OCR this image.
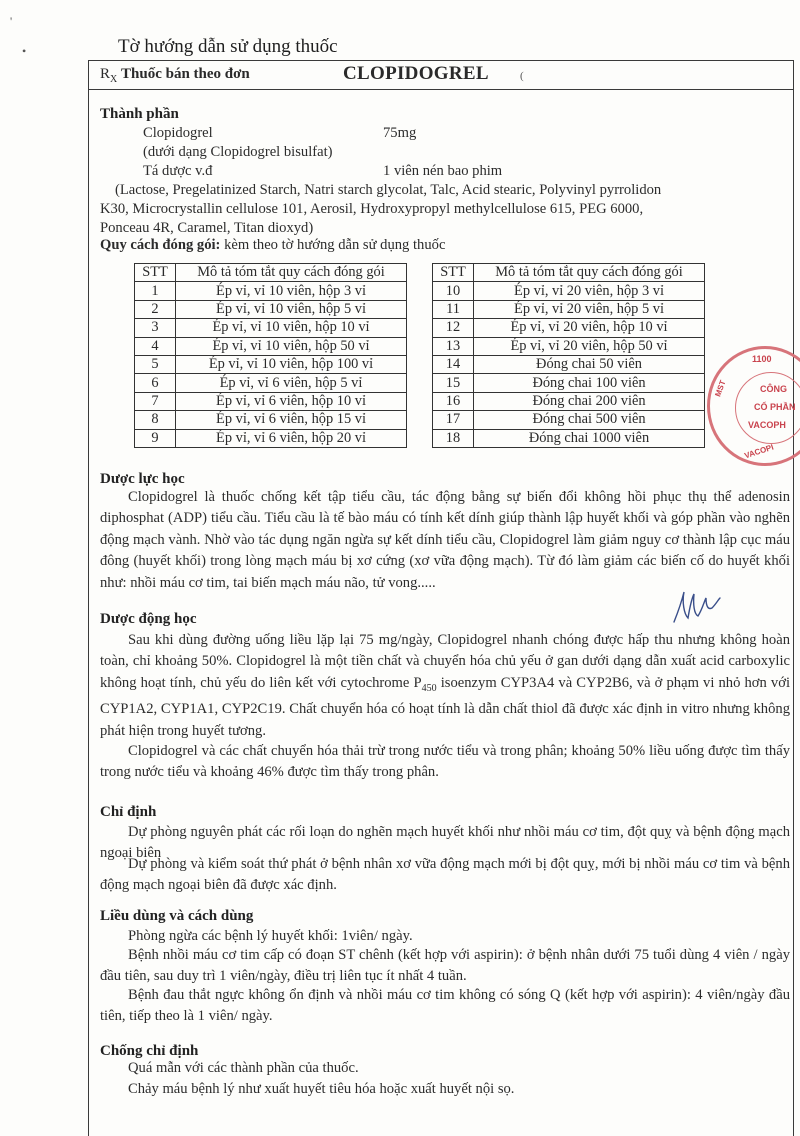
'
•	Tờ hướng dẫn sử dụng thuốc
$R_X$ Thuốc bán theo đơn	CLOPIDOGREL	(
Thành phần
Clopidogrel	75mg
(dưới dạng Clopidogrel bisulfat)
Tá dược v.đ	1 viên nén bao phim
(Lactose, Pregelatinized Starch, Natri starch glycolat, Talc, Acid stearic, Polyvinyl pyrrolidon
K30, Microcrystallin cellulose 101, Aerosil, Hydroxypropyl methylcellulose 615, PEG 6000,
Ponceau 4R, Caramel, Titan dioxyd)
Quy cách đóng gói: kèm theo tờ hướng dẫn sử dụng thuốc
STT	Mô tả tóm tắt quy cách đóng gói
1	Ép vỉ, vỉ 10 viên, hộp 3 vỉ
2	Ép vỉ, vỉ 10 viên, hộp 5 vỉ
3	Ép vỉ, vỉ 10 viên, hộp 10 vỉ
4	Ép vỉ, vỉ 10 viên, hộp 50 vỉ
5	Ép vỉ, vỉ 10 viên, hộp 100 vỉ
6	Ép vỉ, vỉ 6 viên, hộp 5 vỉ
7	Ép vỉ, vỉ 6 viên, hộp 10 vỉ
8	Ép vỉ, vỉ 6 viên, hộp 15 vỉ
9	Ép vỉ, vỉ 6 viên, hộp 20 vỉ
STT	Mô tả tóm tắt quy cách đóng gói
10	Ép vỉ, vỉ 20 viên, hộp 3 vỉ
11	Ép vỉ, vỉ 20 viên, hộp 5 vỉ
12	Ép vỉ, vỉ 20 viên, hộp 10 vỉ
13	Ép vỉ, vỉ 20 viên, hộp 50 vỉ
14	Đóng chai 50 viên
15	Đóng chai 100 viên
16	Đóng chai 200 viên
17	Đóng chai 500 viên
18	Đóng chai 1000 viên
1100
MST	CÔNG
CỔ PHẦN
VACOPH
VACOPI
Dược lực học
Clopidogrel là thuốc chống kết tập tiểu cầu, tác động bằng sự biến đổi không hồi phục thụ thể adenosin diphosphat (ADP) tiểu cầu. Tiểu cầu là tế bào máu có tính kết dính giúp thành lập huyết khối và góp phần vào nghẽn động mạch vành. Nhờ vào tác dụng ngăn ngừa sự kết dính tiểu cầu, Clopidogrel làm giảm nguy cơ thành lập cục máu đông (huyết khối) trong lòng mạch máu bị xơ cứng (xơ vữa động mạch). Từ đó làm giảm các biến cố do huyết khối như: nhồi máu cơ tim, tai biến mạch máu não, tử vong.....
Dược động học
Sau khi dùng đường uống liều lặp lại 75 mg/ngày, Clopidogrel nhanh chóng được hấp thu nhưng không hoàn toàn, chỉ khoảng 50%. Clopidogrel là một tiền chất và chuyển hóa chủ yếu ở gan dưới dạng dẫn xuất acid carboxylic không hoạt tính, chủ yếu do liên kết với cytochrome $P_{450}$ isoenzym CYP3A4 và CYP2B6, và ở phạm vi nhỏ hơn với CYP1A2, CYP1A1, CYP2C19. Chất chuyển hóa có hoạt tính là dẫn chất thiol đã được xác định in vitro nhưng không phát hiện trong huyết tương.
Clopidogrel và các chất chuyển hóa thải trừ trong nước tiểu và trong phân; khoảng 50% liều uống được tìm thấy trong nước tiểu và khoảng 46% được tìm thấy trong phân.
Chỉ định
Dự phòng nguyên phát các rối loạn do nghẽn mạch huyết khối như nhồi máu cơ tim, đột quỵ và bệnh động mạch ngoại biên
Dự phòng và kiểm soát thứ phát ở bệnh nhân xơ vữa động mạch mới bị đột quỵ, mới bị nhồi máu cơ tim và bệnh động mạch ngoại biên đã được xác định.
Liều dùng và cách dùng
Phòng ngừa các bệnh lý huyết khối: 1viên/ ngày.
Bệnh nhồi máu cơ tim cấp có đoạn ST chênh (kết hợp với aspirin): ở bệnh nhân dưới 75 tuổi dùng 4 viên / ngày đầu tiên, sau duy trì 1 viên/ngày, điều trị liên tục ít nhất 4 tuần.
Bệnh đau thắt ngực không ổn định và nhồi máu cơ tim không có sóng Q (kết hợp với aspirin): 4 viên/ngày đầu tiên, tiếp theo là 1 viên/ ngày.
Chống chỉ định
Quá mẫn với các thành phần của thuốc.
Chảy máu bệnh lý như xuất huyết tiêu hóa hoặc xuất huyết nội sọ.
